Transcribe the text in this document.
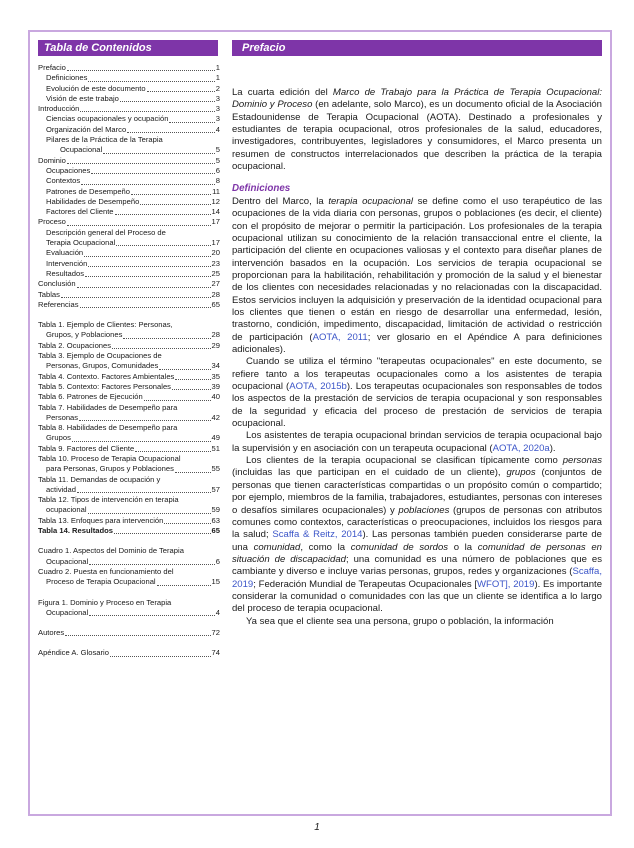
Tabla de Contenidos	Prefacio
Prefacio	1
Definiciones	1
Evolución de este documento	2
Visión de este trabajo	3
Introducción	3
Ciencias ocupacionales y ocupación	3
Organización del Marco	4
Pilares de la Práctica de la Terapia
Ocupacional	5
Dominio	5
Ocupaciones	6
Contextos	8
Patrones de Desempeño	11
Habilidades de Desempeño	12
Factores del Cliente	14
Proceso	17
Descripción general del Proceso de
Terapia Ocupacional	17
Evaluación	20
Intervención	23
Resultados	25
Conclusión	27
Tablas	28
Referencias	65
Tabla 1. Ejemplo de Clientes: Personas,
Grupos, y Poblaciones	28
Tabla 2. Ocupaciones	29
Tabla 3. Ejemplo de Ocupaciones de
Personas, Grupos, Comunidades	34
Tabla 4. Contexto. Factores Ambientales	35
Tabla 5. Contexto: Factores Personales	39
Tabla 6. Patrones de Ejecución	40
Tabla 7. Habilidades de Desempeño para
Personas	42
Tabla 8. Habilidades de Desempeño para
Grupos	49
Tabla 9. Factores del Cliente	51
Tabla 10. Proceso de Terapia Ocupacional
para Personas, Grupos y Poblaciones	55
Tabla 11. Demandas de ocupación y
actividad	57
Tabla 12. Tipos de intervención en terapia
ocupacional	59
Tabla 13. Enfoques para intervención	63
Tabla 14. Resultados	65
Cuadro 1. Aspectos del Dominio de Terapia
Ocupacional	6
Cuadro 2. Puesta en funcionamiento del
Proceso de Terapia Ocupacional	15
Figura 1. Dominio y Proceso en Terapia
Ocupacional	4
Autores	72
Apéndice A. Glosario	74

La cuarta edición del Marco de Trabajo para la Práctica de Terapia Ocupacional: Dominio y Proceso (en adelante, solo Marco), es un documento oficial de la Asociación Estadounidense de Terapia Ocupacional (AOTA). Destinado a profesionales y estudiantes de terapia ocupacional, otros profesionales de la salud, educadores, investigadores, contribuyentes, legisladores y consumidores, el Marco presenta un resumen de constructos interrelacionados que describen la práctica de la terapia ocupacional.

Definiciones

Dentro del Marco, la terapia ocupacional se define como el uso terapéutico de las ocupaciones de la vida diaria con personas, grupos o poblaciones (es decir, el cliente) con el propósito de mejorar o permitir la participación. Los profesionales de la terapia ocupacional utilizan su conocimiento de la relación transaccional entre el cliente, la participación del cliente en ocupaciones valiosas y el contexto para diseñar planes de intervención basados en la ocupación. Los servicios de terapia ocupacional se proporcionan para la habilitación, rehabilitación y promoción de la salud y el bienestar de los clientes con necesidades relacionadas y no relacionadas con la discapacidad. Estos servicios incluyen la adquisición y preservación de la identidad ocupacional para los clientes que tienen o están en riesgo de desarrollar una enfermedad, lesión, trastorno, condición, impedimento, discapacidad, limitación de actividad o restricción de participación (AOTA, 2011; ver glosario en el Apéndice A para definiciones adicionales).

Cuando se utiliza el término "terapeutas ocupacionales" en este documento, se refiere tanto a los terapeutas ocupacionales como a los asistentes de terapia ocupacional (AOTA, 2015b). Los terapeutas ocupacionales son responsables de todos los aspectos de la prestación de servicios de terapia ocupacional y son responsables de la seguridad y eficacia del proceso de prestación de servicios de terapia ocupacional.

Los asistentes de terapia ocupacional brindan servicios de terapia ocupacional bajo la supervisión y en asociación con un terapeuta ocupacional (AOTA, 2020a).

Los clientes de la terapia ocupacional se clasifican típicamente como personas (incluidas las que participan en el cuidado de un cliente), grupos (conjuntos de personas que tienen características compartidas o un propósito común o compartido; por ejemplo, miembros de la familia, trabajadores, estudiantes, personas con intereses o desafíos similares ocupacionales) y poblaciones (grupos de personas con atributos comunes como contextos, características o preocupaciones, incluidos los riesgos para la salud; Scaffa & Reitz, 2014). Las personas también pueden considerarse parte de una comunidad, como la comunidad de sordos o la comunidad de personas en situación de discapacidad; una comunidad es una número de poblaciones que es cambiante y diverso e incluye varias personas, grupos, redes y organizaciones (Scaffa, 2019; Federación Mundial de Terapeutas Ocupacionales [WFOT], 2019). Es importante considerar la comunidad o comunidades con las que un cliente se identifica a lo largo del proceso de terapia ocupacional.

Ya sea que el cliente sea una persona, grupo o población, la información

1
